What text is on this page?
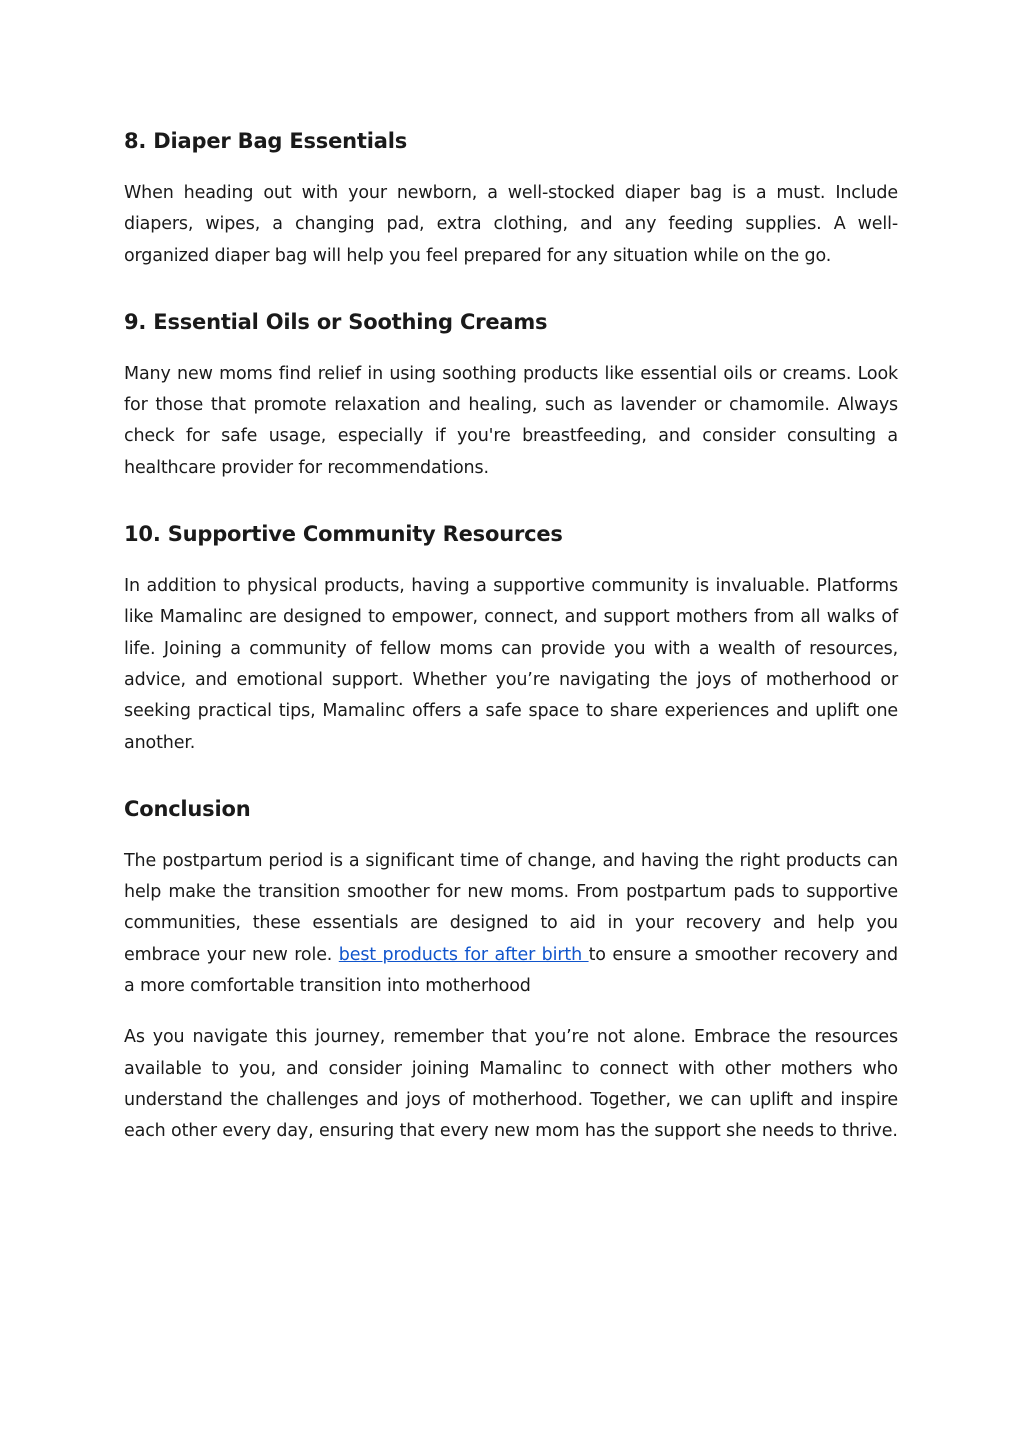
8. Diaper Bag Essentials

When heading out with your newborn, a well-stocked diaper bag is a must. Include diapers, wipes, a changing pad, extra clothing, and any feeding supplies. A well-organized diaper bag will help you feel prepared for any situation while on the go.

9. Essential Oils or Soothing Creams

Many new moms find relief in using soothing products like essential oils or creams. Look for those that promote relaxation and healing, such as lavender or chamomile. Always check for safe usage, especially if you're breastfeeding, and consider consulting a healthcare provider for recommendations.

10. Supportive Community Resources

In addition to physical products, having a supportive community is invaluable. Platforms like Mamalinc are designed to empower, connect, and support mothers from all walks of life. Joining a community of fellow moms can provide you with a wealth of resources, advice, and emotional support. Whether you’re navigating the joys of motherhood or seeking practical tips, Mamalinc offers a safe space to share experiences and uplift one another.

Conclusion

The postpartum period is a significant time of change, and having the right products can help make the transition smoother for new moms. From postpartum pads to supportive communities, these essentials are designed to aid in your recovery and help you embrace your new role. best products for after birth to ensure a smoother recovery and a more comfortable transition into motherhood

As you navigate this journey, remember that you’re not alone. Embrace the resources available to you, and consider joining Mamalinc to connect with other mothers who understand the challenges and joys of motherhood. Together, we can uplift and inspire each other every day, ensuring that every new mom has the support she needs to thrive.
